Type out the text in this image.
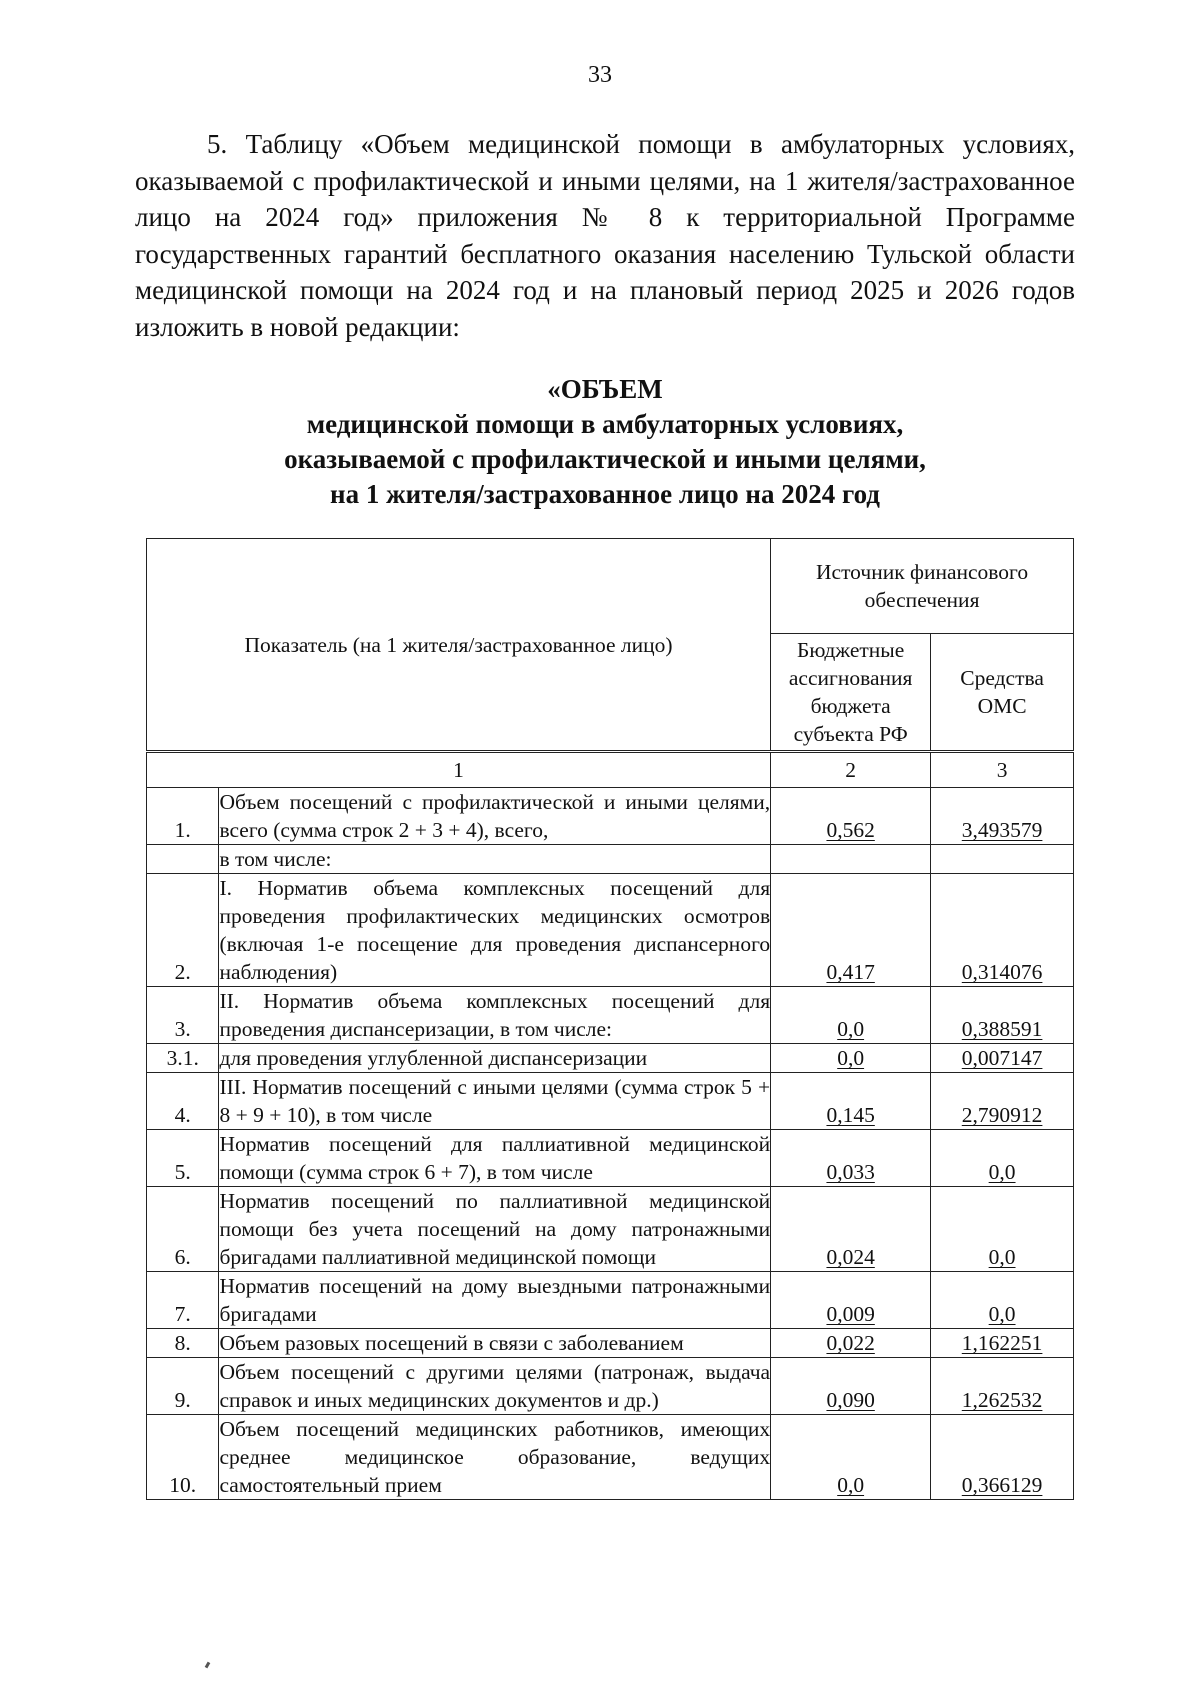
33

5. Таблицу «Объем медицинской помощи в амбулаторных условиях, оказываемой с профилактической и иными целями, на 1 жителя/застрахованное лицо на 2024 год» приложения № 8 к территориальной Программе государственных гарантий бесплатного оказания населению Тульской области медицинской помощи на 2024 год и на плановый период 2025 и 2026 годов изложить в новой редакции:

«ОБЪЕМ
медицинской помощи в амбулаторных условиях,
оказываемой с профилактической и иными целями,
на 1 жителя/застрахованное лицо на 2024 год
Показатель (на 1 жителя/застрахованное лицо)		Источник финансового обеспечения	
		Бюджетные ассигнования бюджета субъекта РФ	Средства ОМС
1		2	3
1.	Объем посещений с профилактической и иными целями, всего (сумма строк 2 + 3 + 4), всего,	0,562	3,493579
	в том числе:		
2.	I. Норматив объема комплексных посещений для проведения профилактических медицинских осмотров (включая 1-е посещение для проведения диспансерного наблюдения)	0,417	0,314076
3.	II. Норматив объема комплексных посещений для проведения диспансеризации, в том числе:	0,0	0,388591
3.1.	для проведения углубленной диспансеризации	0,0	0,007147
4.	III. Норматив посещений с иными целями (сумма строк 5 + 8 + 9 + 10), в том числе	0,145	2,790912
5.	Норматив посещений для паллиативной медицинской помощи (сумма строк 6 + 7), в том числе	0,033	0,0
6.	Норматив посещений по паллиативной медицинской помощи без учета посещений на дому патронажными бригадами паллиативной медицинской помощи	0,024	0,0
7.	Норматив посещений на дому выездными патронажными бригадами	0,009	0,0
8.	Объем разовых посещений в связи с заболеванием	0,022	1,162251
9.	Объем посещений с другими целями (патронаж, выдача справок и иных медицинских документов и др.)	0,090	1,262532
10.	Объем посещений медицинских работников, имеющих среднее медицинское образование, ведущих самостоятельный прием	0,0	0,366129
